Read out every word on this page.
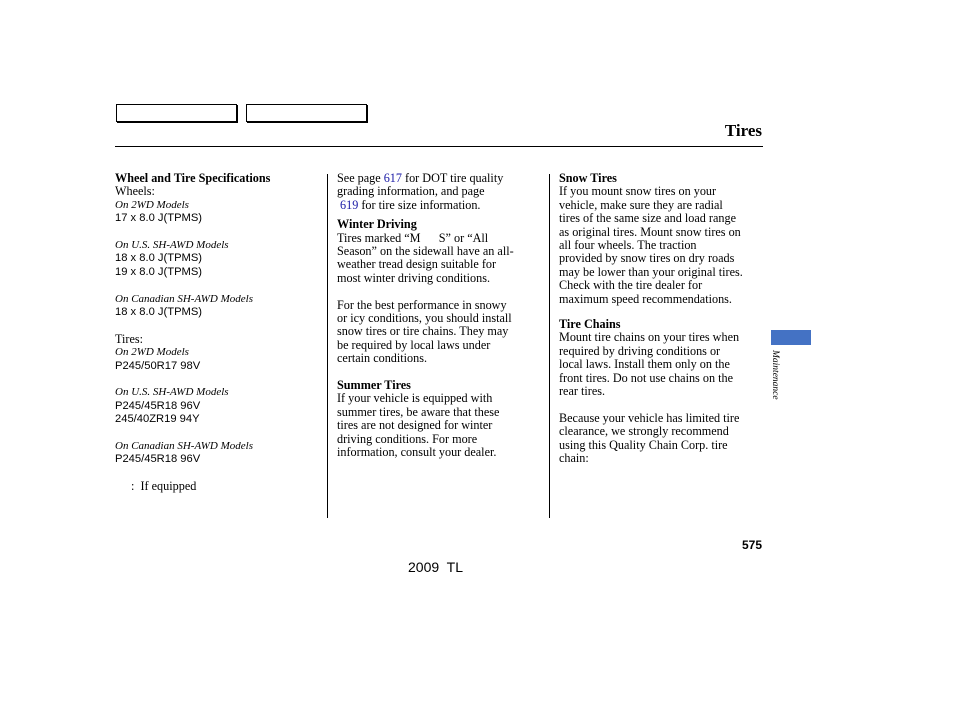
Tires

Wheel and Tire Specifications

Wheels:

On 2WD Models

17 x 8.0 J(TPMS)

On U.S. SH-AWD Models

18 x 8.0 J(TPMS)

19 x 8.0 J(TPMS)

On Canadian SH-AWD Models

18 x 8.0 J(TPMS)

Tires:

On 2WD Models

P245/50R17 98V

On U.S. SH-AWD Models

P245/45R18 96V

245/40ZR19 94Y

On Canadian SH-AWD Models

P245/45R18 96V

:  If equipped

See page 617 for DOT tire quality

grading information, and page

619 for tire size information.

Winter Driving

Tires marked “M      S” or “All

Season” on the sidewall have an all-

weather tread design suitable for

most winter driving conditions.

For the best performance in snowy

or icy conditions, you should install

snow tires or tire chains. They may

be required by local laws under

certain conditions.

Summer Tires

If your vehicle is equipped with

summer tires, be aware that these

tires are not designed for winter

driving conditions. For more

information, consult your dealer.

Snow Tires

If you mount snow tires on your

vehicle, make sure they are radial

tires of the same size and load range

as original tires. Mount snow tires on

all four wheels. The traction

provided by snow tires on dry roads

may be lower than your original tires.

Check with the tire dealer for

maximum speed recommendations.

Tire Chains

Mount tire chains on your tires when

required by driving conditions or

local laws. Install them only on the

front tires. Do not use chains on the

rear tires.

Because your vehicle has limited tire

clearance, we strongly recommend

using this Quality Chain Corp. tire

chain:

Maintenance
575
2009  TL
